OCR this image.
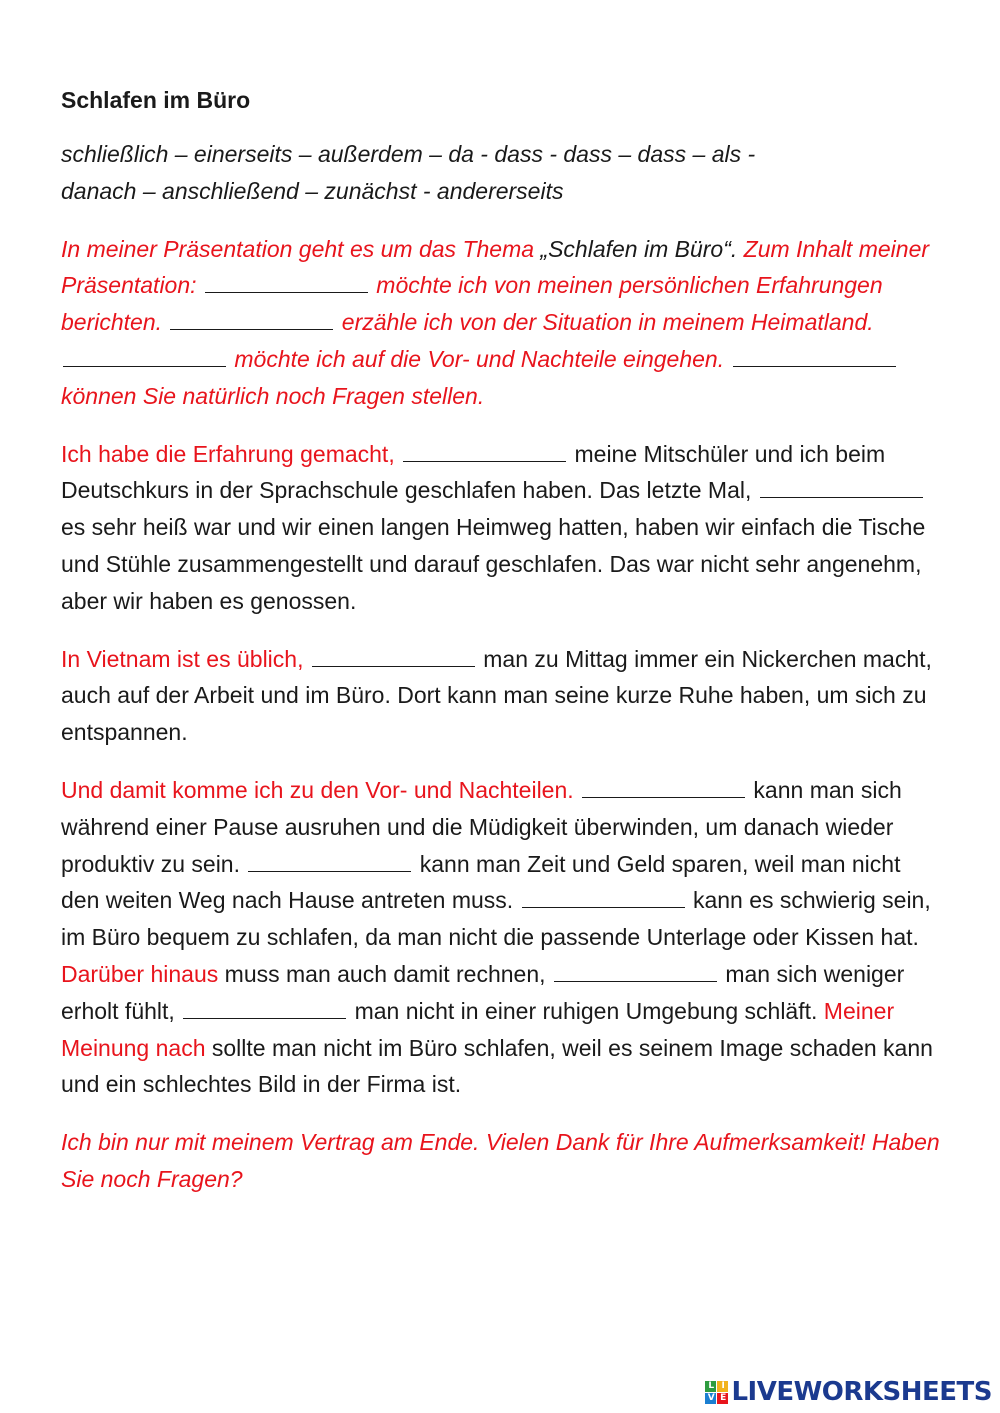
Schlafen im Büro
schließlich – einerseits – außerdem – da - dass - dass – dass – als -
danach – anschließend – zunächst - andererseits
In meiner Präsentation geht es um das Thema „Schlafen im Büro“. Zum Inhalt meiner Präsentation:	möchte ich von meinen persönlichen Erfahrungen berichten.	erzähle ich von der Situation in meinem Heimatland.  möchte ich auf die Vor- und Nachteile eingehen.  können Sie natürlich noch Fragen stellen.
Ich habe die Erfahrung gemacht,	meine Mitschüler und ich beim Deutschkurs in der Sprachschule geschlafen haben. Das letzte Mal,  es sehr heiß war und wir einen langen Heimweg hatten, haben wir einfach die Tische und Stühle zusammengestellt und darauf geschlafen. Das war nicht sehr angenehm, aber wir haben es genossen.
In Vietnam ist es üblich,	man zu Mittag immer ein Nickerchen macht, auch auf der Arbeit und im Büro. Dort kann man seine kurze Ruhe haben, um sich zu entspannen.
Und damit komme ich zu den Vor- und Nachteilen.	kann man sich während einer Pause ausruhen und die Müdigkeit überwinden, um danach wieder produktiv zu sein.	kann man Zeit und Geld sparen, weil man nicht den weiten Weg nach Hause antreten muss.	kann es schwierig sein, im Büro bequem zu schlafen, da man nicht die passende Unterlage oder Kissen hat. Darüber hinaus muss man auch damit rechnen,	man sich weniger erholt fühlt,	man nicht in einer ruhigen Umgebung schläft. Meiner Meinung nach sollte man nicht im Büro schlafen, weil es seinem Image schaden kann und ein schlechtes Bild in der Firma ist.
Ich bin nur mit meinem Vertrag am Ende. Vielen Dank für Ihre Aufmerksamkeit! Haben Sie noch Fragen?
L I
V E LIVEWORKSHEETS
